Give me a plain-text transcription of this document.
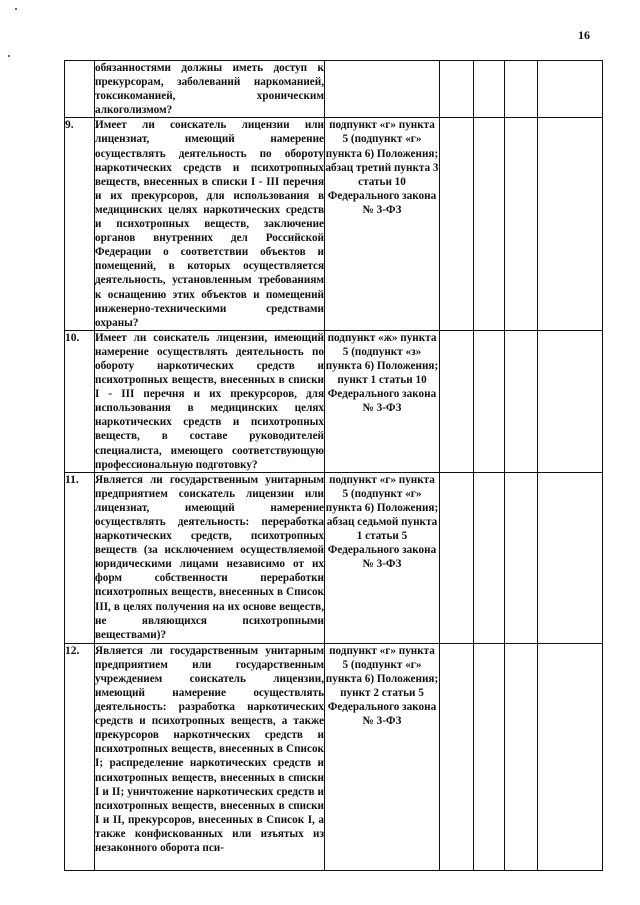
16
	обязанностями должны иметь доступ к прекурсорам, заболеваний наркоманией, токсикоманией, хроническим алкоголизмом?					
9.	Имеет ли соискатель лицензии или лицензиат, имеющий намерение осуществлять деятельность по обороту наркотических средств и психотропных веществ, внесенных в списки I - III перечня и их прекурсоров, для использования в медицинских целях наркотических средств и психотропных веществ, заключение органов внутренних дел Российской Федерации о соответствии объектов и помещений, в которых осуществляется деятельность, установленным требованиям к оснащению этих объектов и помещений инженерно-техническими средствами охраны?	подпункт «г» пункта 5 (подпункт «г» пункта 6) Положения;
абзац третий пункта 3 статьи 10 Федерального закона № 3-ФЗ				

10.	Имеет ли соискатель лицензии, имеющий намерение осуществлять деятельность по обороту наркотических средств и психотропных веществ, внесенных в списки I - III перечня и их прекурсоров, для использования в медицинских целях наркотических средств и психотропных веществ, в составе руководителей специалиста, имеющего соответствующую профессиональную подготовку?	подпункт «ж» пункта 5 (подпункт «з» пункта 6) Положения;
пункт 1 статьи 10 Федерального закона № 3-ФЗ				

11.	Является ли государственным унитарным предприятием соискатель лицензии или лицензиат, имеющий намерение осуществлять деятельность: переработка наркотических средств, психотропных веществ (за исключением осуществляемой юридическими лицами независимо от их форм собственности переработки психотропных веществ, внесенных в Список III, в целях получения на их основе веществ, не являющихся психотропными веществами)?	подпункт «г» пункта 5 (подпункт «г» пункта 6) Положения;
абзац седьмой пункта 1 статьи 5 Федерального закона № 3-ФЗ				

12.	Является ли государственным унитарным предприятием или государственным учреждением соискатель лицензии, имеющий намерение осуществлять деятельность: разработка наркотических средств и психотропных веществ, а также прекурсоров наркотических средств и психотропных веществ, внесенных в Список I; распределение наркотических средств и психотропных веществ, внесенных в списки I и II; уничтожение наркотических средств и психотропных веществ, внесенных в списки I и II, прекурсоров, внесенных в Список I, а также конфискованных или изъятых из незаконного оборота пси-	подпункт «г» пункта 5 (подпункт «г» пункта 6) Положения;
пункт 2 статьи 5 Федерального закона № 3-ФЗ				
